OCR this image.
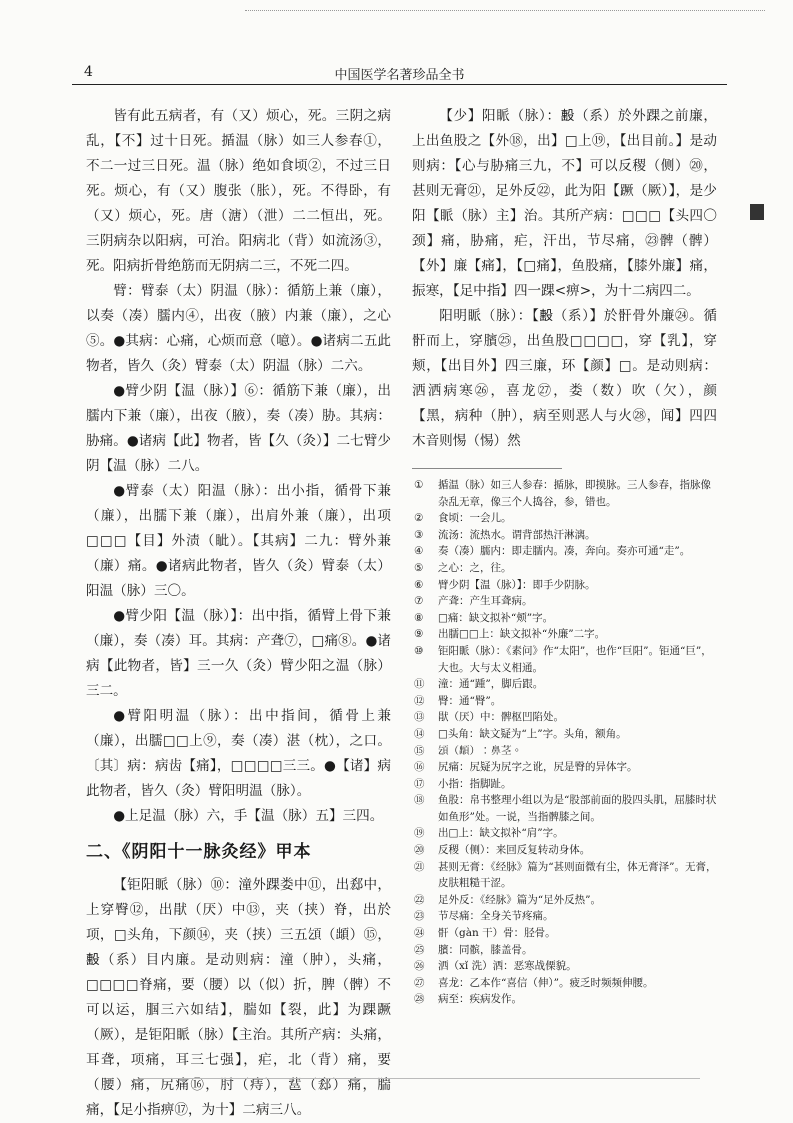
4	中国医学名著珍品全书

皆有此五病者，有（又）烦心，死。三阴之病乱，【不】过十日死。揗温（脉）如三人参春①，不⼆⼀过三日死。温（脉）绝如食顷②，不过三日死。烦心，有（又）腹张（胀），死。不得卧，有（又）烦心，死。唐（溏）（泄）⼆⼆恒出，死。三阴病杂以阳病，可治。阳病北（背）如流汤③，死。阳病折骨绝筋而无阴病⼆三，不死⼆四。

臂：臂泰（太）阴温（脉）：循筋上兼（廉），以奏（凑）臑内④，出夜（腋）内兼（廉），之心⑤。●其病：心痛，心烦而意（噫）。●诸病⼆五此物者，皆久（灸）臂泰（太）阴温（脉）⼆六。

●臂少阴【温（脉）】⑥：循筋下兼（廉），出臑内下兼（廉），出夜（腋），奏（凑）胁。其病：胁痛。●诸病【此】物者，皆【久（灸）】⼆七臂少阴【温（脉）⼆八。

●臂泰（太）阳温（脉）：出小指，循骨下兼（廉），出臑下兼（廉），出肩外兼（廉），出项□□□【目】外渍（眦）。【其病】⼆九：臂外兼（廉）痛。●诸病此物者，皆久（灸）臂泰（太）阳温（脉）三〇。

●臂少阳【温（脉）】：出中指，循臂上骨下兼（廉），奏（凑）耳。其病：产聋⑦，□痛⑧。●诸病【此物者，皆】三一久（灸）臂少阳之温（脉）三二。

●臂阳明温（脉）：出中指间，循骨上兼（廉），出臑□□上⑨，奏（凑）湛（枕），之口。〔其〕病：病齿【痛】，□□□□三三。●【诸】病此物者，皆久（灸）臂阳明温（脉）。

●上足温（脉）六，手【温（脉）五】三四。

二、《阴阳十一脉灸经》甲本

【钜阳眽（脉）⑩：潼外踝娄中⑪，出郄中，上穿臀⑫，出猒（厌）中⑬，夹（挟）脊，出於项，□头角，下颜⑭，夹（挟）三五𩑔（䪼）⑮，𣪠（系）目内廉。是动则病：潼（肿），头痛，□□□□脊痛，要（腰）以（似）折，脾（髀）不可以运，腘三六如结】，腨如【裂，此】为踝蹶（厥），是钜阳眽（脉）【主治。其所产病：头痛，耳聋，项痛，耳三七强】，疟，北（背）痛，要（腰）痛，尻痛⑯，肘（痔），𨛬（郄）痛，腨痛，【足小指痹⑰，为十】二病三八。

【少】阳眽（脉）：𣪠（系）於外踝之前廉，上出鱼股之【外⑱，出】□上⑲，【出目前。】是动则病：【心与胁痛三九，不】可以反稷（侧）⑳，甚则无膏㉑，足外反㉒，此为阳【蹶（厥）】，是少阳【眽（脉）主】治。其所产病：□□□【头四〇颈】痛，胁痛，疟，汗出，节尽痛，㉓髀（髀）【外】廉【痛】，【□痛】，鱼股痛，【膝外廉】痛，振寒，【足中指】四一踝<痹>，为十二病四二。

阳明眽（脉）：【𣪠（系）】於骭骨外廉㉔。循骭而上，穿臏㉕，出鱼股□□□□，穿【乳】，穿颊，【出目外】四三廉，环【颜】□。是动则病：洒洒病寒㉖，喜龙㉗，娄（数）吹（欠），颜【黑，病种（肿），病至则恶人与火㉘，闻】四四木音则惕（惕）然

①	揗温（脉）如三人参春：揗脉，即摸脉。三人参春，指脉像杂乱无章，像三个人捣谷，参，错也。
②	食顷：一会儿。
③	流汤：流热水。谓背部热汗淋漓。
④	奏（凑）臑内：即走臑内。凑，奔向。奏亦可通“走”。
⑤	之心：之，往。
⑥	臂少阴【温（脉）】：即手少阴脉。
⑦	产聋：产生耳聋病。
⑧	□痛：缺文拟补“颊”字。
⑨	出臑□□上：缺文拟补“外廉”二字。
⑩	钜阳眽（脉）：《素问》作“太阳”，也作“巨阳”。钜通“巨”，大也。大与太义相通。
⑪	潼：通“踵”，脚后跟。
⑫	臀：通“臀”。
⑬	猒（厌）中：髀枢凹陷处。
⑭	□头角：缺文疑为“上”字。头角，额角。
⑮	𩑔（䪼）：鼻茎。
⑯	尻痛：尻疑为尻字之讹，尻是臀的异体字。
⑰	小指：指脚趾。
⑱	鱼股：帛书整理小组以为是“股部前面的股四头肌，屈膝时状如鱼形”处。一说，当指髀膝之间。
⑲	出□上：缺文拟补“肩”字。
⑳	反稷（侧）：来回反复转动身体。
㉑	甚则无膏：《经脉》篇为“甚则面微有尘，体无膏泽”。无膏，皮肤粗糙干涩。
㉒	足外反：《经脉》篇为“足外反热”。
㉓	节尽痛：全身关节疼痛。
㉔	骭（gàn 干）骨：胫骨。
㉕	臏：同髌，膝盖骨。
㉖	洒（xǐ 洗）洒：恶寒战傈貌。
㉗	喜龙：乙本作“喜信（伸）”。疲乏时频频伸腰。
㉘	病至：疾病发作。
